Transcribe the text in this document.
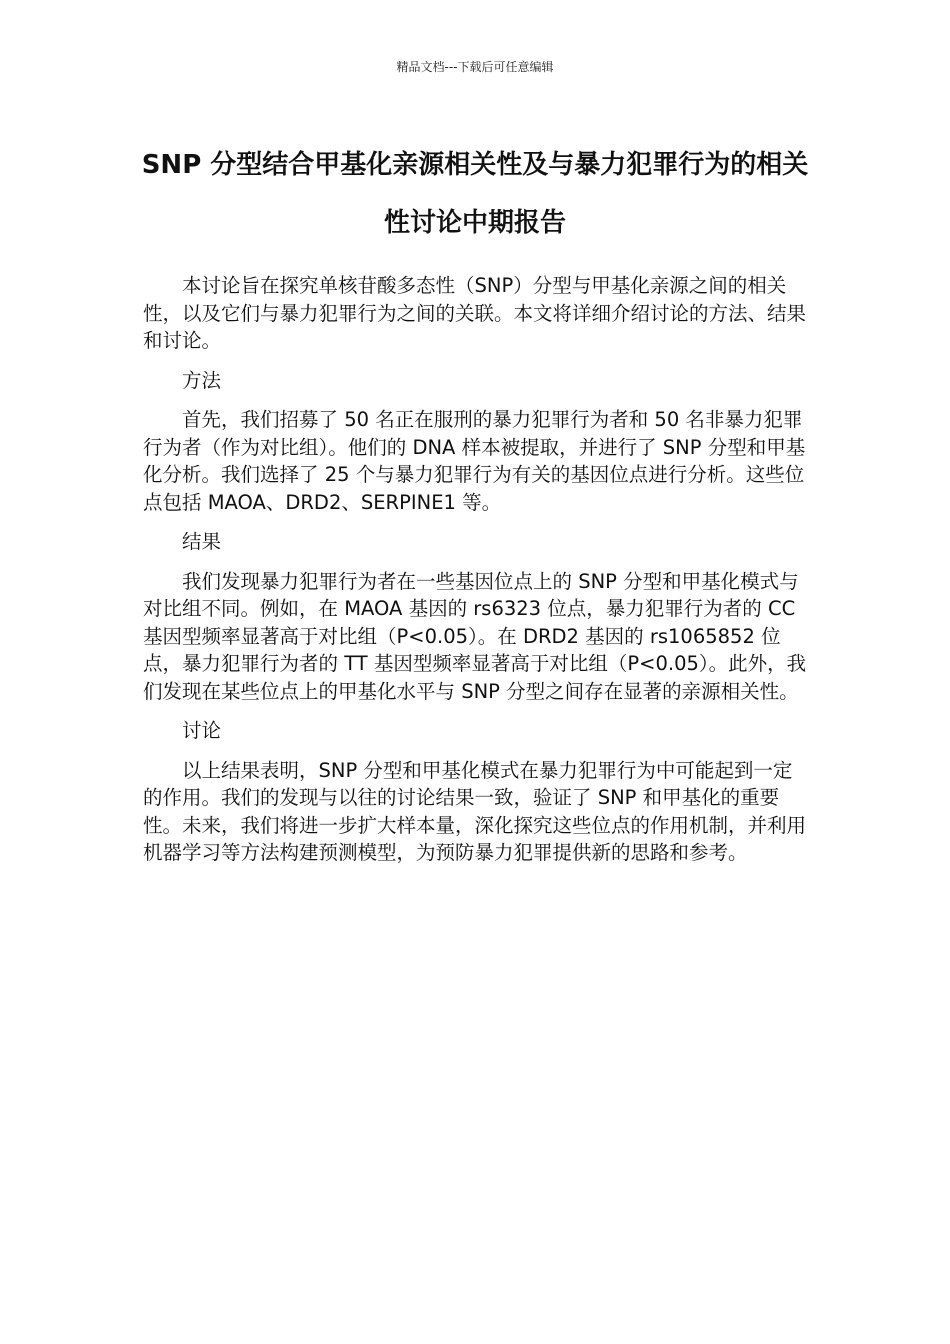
精品文档---下载后可任意编辑
SNP 分型结合甲基化亲源相关性及与暴力犯罪行为的相关性讨论中期报告

本讨论旨在探究单核苷酸多态性（SNP）分型与甲基化亲源之间的相关性，以及它们与暴力犯罪行为之间的关联。本文将详细介绍讨论的方法、结果和讨论。

方法

首先，我们招募了 50 名正在服刑的暴力犯罪行为者和 50 名非暴力犯罪行为者（作为对比组）。他们的 DNA 样本被提取，并进行了 SNP 分型和甲基化分析。我们选择了 25 个与暴力犯罪行为有关的基因位点进行分析。这些位点包括 MAOA、DRD2、SERPINE1 等。

结果

我们发现暴力犯罪行为者在一些基因位点上的 SNP 分型和甲基化模式与对比组不同。例如，在 MAOA 基因的 rs6323 位点，暴力犯罪行为者的 CC 基因型频率显著高于对比组（P<0.05）。在 DRD2 基因的 rs1065852 位点，暴力犯罪行为者的 TT 基因型频率显著高于对比组（P<0.05）。此外，我们发现在某些位点上的甲基化水平与 SNP 分型之间存在显著的亲源相关性。

讨论

以上结果表明，SNP 分型和甲基化模式在暴力犯罪行为中可能起到一定的作用。我们的发现与以往的讨论结果一致，验证了 SNP 和甲基化的重要性。未来，我们将进一步扩大样本量，深化探究这些位点的作用机制，并利用机器学习等方法构建预测模型，为预防暴力犯罪提供新的思路和参考。
